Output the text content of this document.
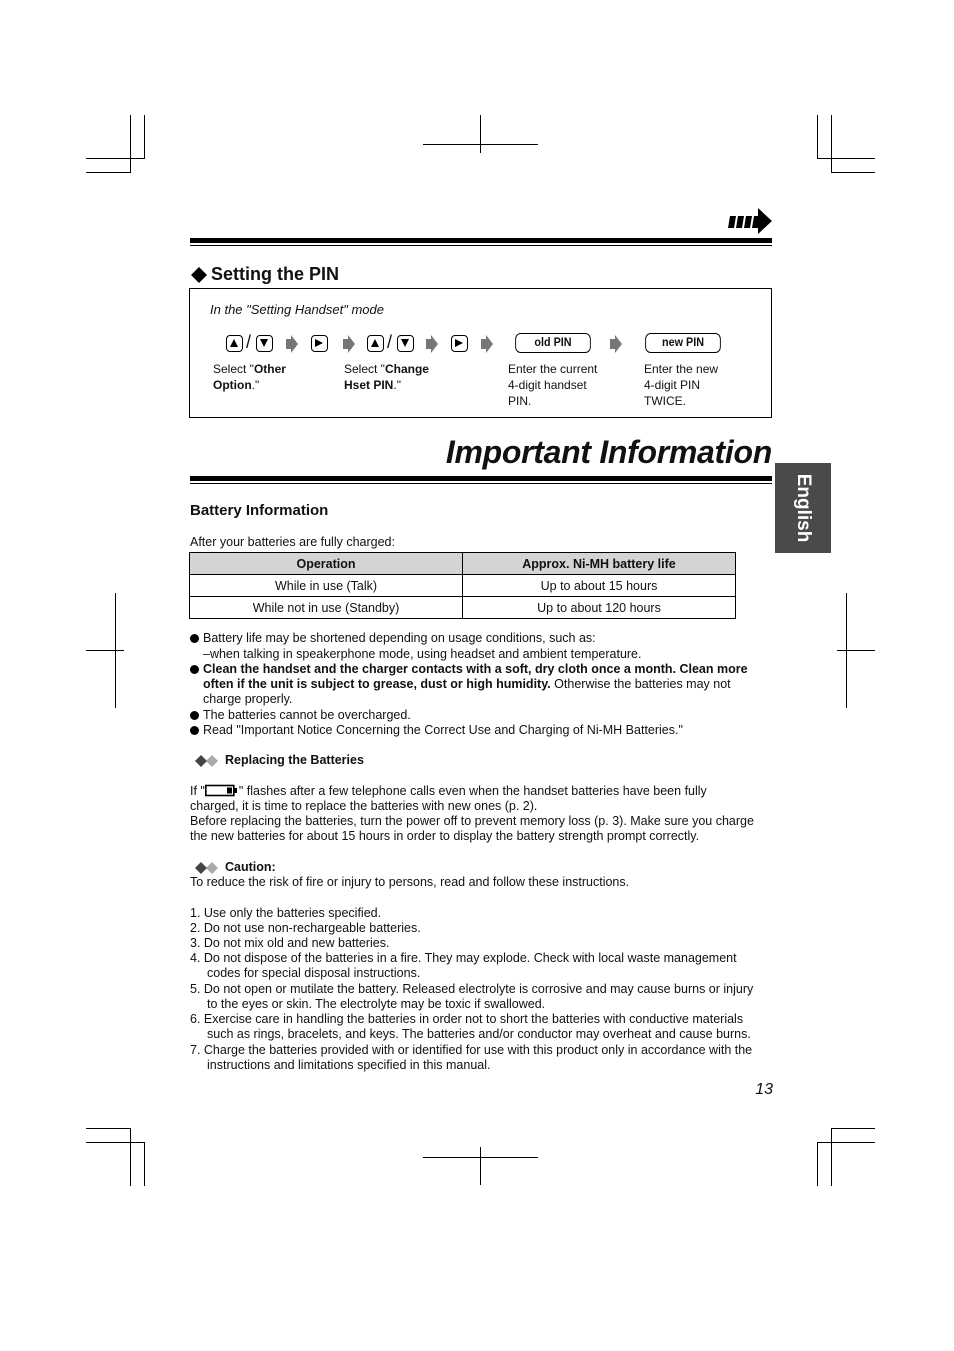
Setting the PIN
In the "Setting Handset" mode
/	/	old PIN	new PIN
Select "Other
Option."
Select "Change
Hset PIN."
Enter the current
4-digit handset
PIN.
Enter the new
4-digit PIN
TWICE.
Important Information
English
Battery Information
After your batteries are fully charged:
Operation	Approx. Ni-MH battery life
While in use (Talk)	Up to about 15 hours
While not in use (Standby)	Up to about 120 hours
Battery life may be shortened depending on usage conditions, such as:
–when talking in speakerphone mode, using headset and ambient temperature.
Clean the handset and the charger contacts with a soft, dry cloth once a month. Clean more
often if the unit is subject to grease, dust or high humidity. Otherwise the batteries may not
charge properly.
The batteries cannot be overcharged.
Read "Important Notice Concerning the Correct Use and Charging of Ni-MH Batteries."
Replacing the Batteries
If "	" flashes after a few telephone calls even when the handset batteries have been fully
charged, it is time to replace the batteries with new ones (p. 2).
Before replacing the batteries, turn the power off to prevent memory loss (p. 3). Make sure you charge
the new batteries for about 15 hours in order to display the battery strength prompt correctly.
Caution:
To reduce the risk of fire or injury to persons, read and follow these instructions.
1. Use only the batteries specified.
2. Do not use non-rechargeable batteries.
3. Do not mix old and new batteries.
4. Do not dispose of the batteries in a fire. They may explode. Check with local waste management
codes for special disposal instructions.
5. Do not open or mutilate the battery. Released electrolyte is corrosive and may cause burns or injury
to the eyes or skin. The electrolyte may be toxic if swallowed.
6. Exercise care in handling the batteries in order not to short the batteries with conductive materials
such as rings, bracelets, and keys. The batteries and/or conductor may overheat and cause burns.
7. Charge the batteries provided with or identified for use with this product only in accordance with the
instructions and limitations specified in this manual.
13
